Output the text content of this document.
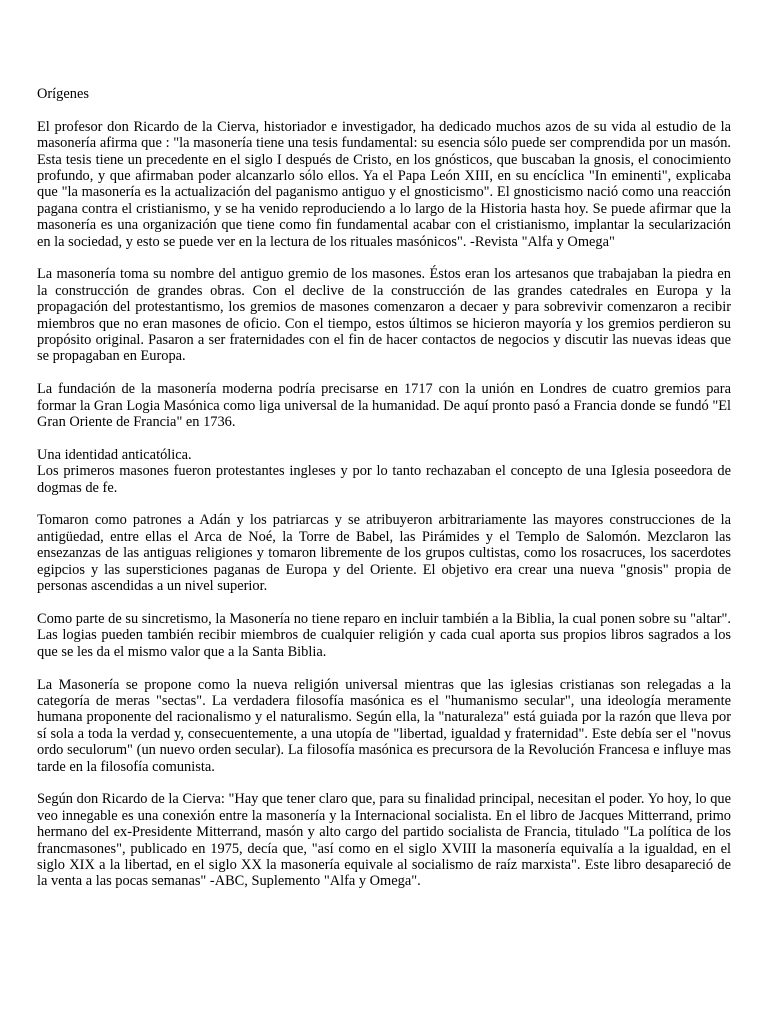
Orígenes

El profesor don Ricardo de la Cierva, historiador e investigador, ha dedicado muchos azos de su vida al estudio de la masonería afirma que : "la masonería tiene una tesis fundamental: su esencia sólo puede ser comprendida por un masón. Esta tesis tiene un precedente en el siglo I después de Cristo, en los gnósticos, que buscaban la gnosis, el conocimiento profundo, y que afirmaban poder alcanzarlo sólo ellos. Ya el Papa León XIII, en su encíclica "In eminenti", explicaba que "la masonería es la actualización del paganismo antiguo y el gnosticismo". El gnosticismo nació como una reacción pagana contra el cristianismo, y se ha venido reproduciendo a lo largo de la Historia hasta hoy. Se puede afirmar que la masonería es una organización que tiene como fin fundamental acabar con el cristianismo, implantar la secularización en la sociedad, y esto se puede ver en la lectura de los rituales masónicos". -Revista "Alfa y Omega"

La masonería toma su nombre del antiguo gremio de los masones. Éstos eran los artesanos que trabajaban la piedra en la construcción de grandes obras. Con el declive de la construcción de las grandes catedrales en Europa y la propagación del protestantismo, los gremios de masones comenzaron a decaer y para sobrevivir comenzaron a recibir miembros que no eran masones de oficio. Con el tiempo, estos últimos se hicieron mayoría y los gremios perdieron su propósito original. Pasaron a ser fraternidades con el fin de hacer contactos de negocios y discutir las nuevas ideas que se propagaban en Europa.

La fundación de la masonería moderna podría precisarse en 1717 con la unión en Londres de cuatro gremios para formar la Gran Logia Masónica como liga universal de la humanidad. De aquí pronto pasó a Francia donde se fundó "El Gran Oriente de Francia" en 1736.

Una identidad anticatólica.
Los primeros masones fueron protestantes ingleses y por lo tanto rechazaban el concepto de una Iglesia poseedora de dogmas de fe.

Tomaron como patrones a Adán y los patriarcas y se atribuyeron arbitrariamente las mayores construcciones de la antigüedad, entre ellas el Arca de Noé, la Torre de Babel, las Pirámides y el Templo de Salomón. Mezclaron las ensezanzas de las antiguas religiones y tomaron libremente de los grupos cultistas, como los rosacruces, los sacerdotes egipcios y las supersticiones paganas de Europa y del Oriente. El objetivo era crear una nueva "gnosis" propia de personas ascendidas a un nivel superior.

Como parte de su sincretismo, la Masonería no tiene reparo en incluir también a la Biblia, la cual ponen sobre su "altar". Las logias pueden también recibir miembros de cualquier religión y cada cual aporta sus propios libros sagrados a los que se les da el mismo valor que a la Santa Biblia.

La Masonería se propone como la nueva religión universal mientras que las iglesias cristianas son relegadas a la categoría de meras "sectas". La verdadera filosofía masónica es el "humanismo secular", una ideología meramente humana proponente del racionalismo y el naturalismo. Según ella, la "naturaleza" está guiada por la razón que lleva por sí sola a toda la verdad y, consecuentemente, a una utopía de "libertad, igualdad y fraternidad". Este debía ser el "novus ordo seculorum" (un nuevo orden secular). La filosofía masónica es precursora de la Revolución Francesa e influye mas tarde en la filosofía comunista.

Según don Ricardo de la Cierva: "Hay que tener claro que, para su finalidad principal, necesitan el poder. Yo hoy, lo que veo innegable es una conexión entre la masonería y la Internacional socialista. En el libro de Jacques Mitterrand, primo hermano del ex-Presidente Mitterrand, masón y alto cargo del partido socialista de Francia, titulado "La política de los francmasones", publicado en 1975, decía que, "así como en el siglo XVIII la masonería equivalía a la igualdad, en el siglo XIX a la libertad, en el siglo XX la masonería equivale al socialismo de raíz marxista". Este libro desapareció de la venta a las pocas semanas" -ABC, Suplemento "Alfa y Omega".
